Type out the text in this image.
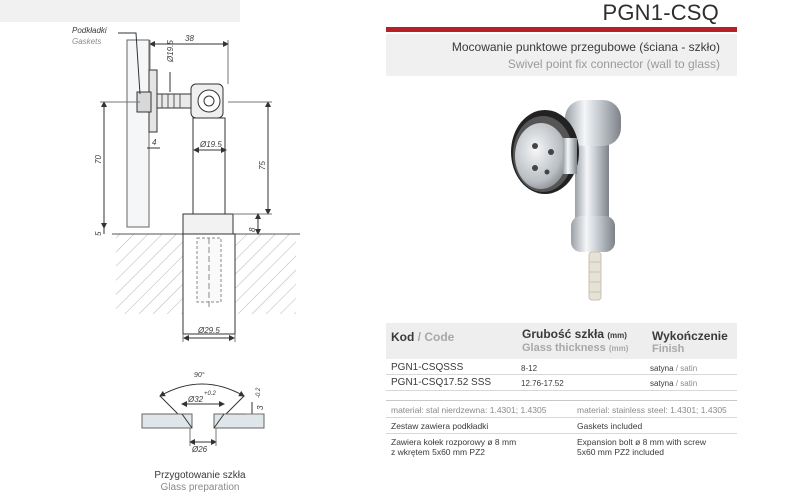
PGN1-CSQ
Mocowanie punktowe przegubowe (ściana - szkło)
Swivel point fix connector (wall to glass)
Podkładki
Gaskets	38
Ø19.5
Ø19.5
70
75
5
4
8
Ø29.5
90°
Ø32
+0.2
Ø26
3
-0.2
Przygotowanie szkła
Glass preparation
Kod / Code	Grubość szkła (mm)
Glass thickness (mm)
Wykończenie
Finish
PGN1-CSQSSS	8-12	satyna / satin
PGN1-CSQ17.52 SSS	12.76-17.52	satyna / satin
materiał: stal nierdzewna: 1.4301; 1.4305	material: stainless steel: 1.4301; 1.4305
Zestaw zawiera podkładki	Gaskets included
Zawiera kołek rozporowy ø 8 mm
z wkrętem 5x60 mm PZ2
Expansion bolt ø 8 mm with screw
5x60 mm PZ2 included
